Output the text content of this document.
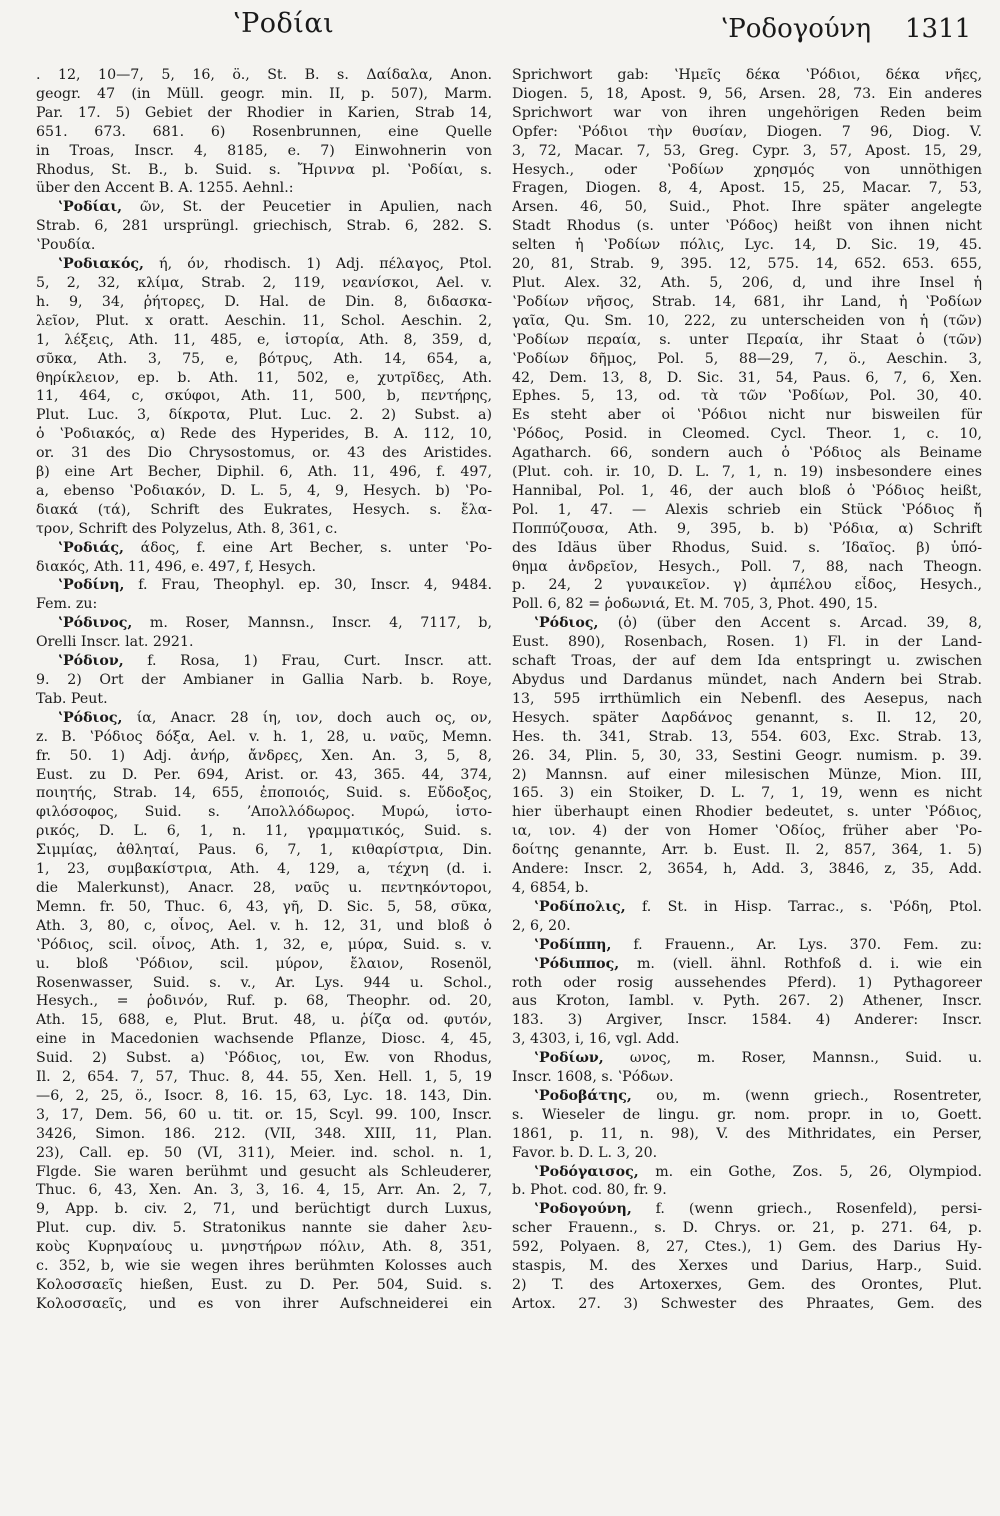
ʽΡοδίαι	ʽΡοδογούνη 1311
. 12, 10—7, 5, 16, ö., St. B. s. Δαίδαλα, Anon.
geogr. 47 (in Müll. geogr. min. II, p. 507), Marm.
Par. 17. 5) Gebiet der Rhodier in Karien, Strab 14,
651. 673. 681. 6) Rosenbrunnen, eine Quelle
in Troas, Inscr. 4, 8185, e. 7) Einwohnerin von
Rhodus, St. B., b. Suid. s. Ἤριννα pl. ʽΡοδίαι, s.
über den Accent B. A. 1255. Aehnl.:
ʽΡοδίαι, ῶν, St. der Peucetier in Apulien, nach
Strab. 6, 281 ursprüngl. griechisch, Strab. 6, 282. S.
ʽΡουδία.
ʽΡοδιακός, ή, όν, rhodisch. 1) Adj. πέλαγος, Ptol.
5, 2, 32, κλίμα, Strab. 2, 119, νεανίσκοι, Ael. v.
h. 9, 34, ῥήτορες, D. Hal. de Din. 8, διδασκα-
λεῖον, Plut. x oratt. Aeschin. 11, Schol. Aeschin. 2,
1, λέξεις, Ath. 11, 485, e, ἱστορία, Ath. 8, 359, d,
σῦκα, Ath. 3, 75, e, βότρυς, Ath. 14, 654, a,
θηρίκλειον, ep. b. Ath. 11, 502, e, χυτρῖδες, Ath.
11, 464, c, σκύφοι, Ath. 11, 500, b, πεντήρης,
Plut. Luc. 3, δίκροτα, Plut. Luc. 2. 2) Subst. a)
ὁ ʽΡοδιακός, α) Rede des Hyperides, B. A. 112, 10,
or. 31 des Dio Chrysostomus, or. 43 des Aristides.
β) eine Art Becher, Diphil. 6, Ath. 11, 496, f. 497,
a, ebenso ʽΡοδιακόν, D. L. 5, 4, 9, Hesych. b) ʽΡο-
διακά (τά), Schrift des Eukrates, Hesych. s. ἔλα-
τρον, Schrift des Polyzelus, Ath. 8, 361, c.
ʽΡοδιάς, άδος, f. eine Art Becher, s. unter ʽΡο-
διακός, Ath. 11, 496, e. 497, f, Hesych.
ʽΡοδίνη, f. Frau, Theophyl. ep. 30, Inscr. 4, 9484.
Fem. zu:
ʽΡόδινος, m. Roser, Mannsn., Inscr. 4, 7117, b,
Orelli Inscr. lat. 2921.
ʽΡόδιον, f. Rosa, 1) Frau, Curt. Inscr. att.
9. 2) Ort der Ambianer in Gallia Narb. b. Roye,
Tab. Peut.
ʽΡόδιος, ία, Anacr. 28 ίη, ιον, doch auch ος, ον,
z. B. ʽΡόδιος δόξα, Ael. v. h. 1, 28, u. ναῦς, Memn.
fr. 50. 1) Adj. ἀνήρ, ἄνδρες, Xen. An. 3, 5, 8,
Eust. zu D. Per. 694, Arist. or. 43, 365. 44, 374,
ποιητής, Strab. 14, 655, ἐποποιός, Suid. s. Εὔδοξος,
φιλόσοφος, Suid. s. ʼΑπολλόδωρος. Μυρώ, ἱστο-
ρικός, D. L. 6, 1, n. 11, γραμματικός, Suid. s.
Σιμμίας, ἀθληταί, Paus. 6, 7, 1, κιθαρίστρια, Din.
1, 23, συμβακίστρια, Ath. 4, 129, a, τέχνη (d. i.
die Malerkunst), Anacr. 28, ναῦς u. πεντηκόντοροι,
Memn. fr. 50, Thuc. 6, 43, γῆ, D. Sic. 5, 58, σῦκα,
Ath. 3, 80, c, οἶνος, Ael. v. h. 12, 31, und bloß ὁ
ʽΡόδιος, scil. οἶνος, Ath. 1, 32, e, μύρα, Suid. s. v.
u. bloß ʽΡόδιον, scil. μύρον, ἔλαιον, Rosenöl,
Rosenwasser, Suid. s. v., Ar. Lys. 944 u. Schol.,
Hesych., = ῥοδινόν, Ruf. p. 68, Theophr. od. 20,
Ath. 15, 688, e, Plut. Brut. 48, u. ῥίζα od. φυτόν,
eine in Macedonien wachsende Pflanze, Diosc. 4, 45,
Suid. 2) Subst. a) ʽΡόδιος, ιοι, Ew. von Rhodus,
Il. 2, 654. 7, 57, Thuc. 8, 44. 55, Xen. Hell. 1, 5, 19
—6, 2, 25, ö., Isocr. 8, 16. 15, 63, Lyc. 18. 143, Din.
3, 17, Dem. 56, 60 u. tit. or. 15, Scyl. 99. 100, Inscr.
3426, Simon. 186. 212. (VII, 348. XIII, 11, Plan.
23), Call. ep. 50 (VI, 311), Meier. ind. schol. n. 1,
Flgde. Sie waren berühmt und gesucht als Schleuderer,
Thuc. 6, 43, Xen. An. 3, 3, 16. 4, 15, Arr. An. 2, 7,
9, App. b. civ. 2, 71, und berüchtigt durch Luxus,
Plut. cup. div. 5. Stratonikus nannte sie daher λευ-
κοὺς Κυρηναίους u. μνηστήρων πόλιν, Ath. 8, 351,
c. 352, b, wie sie wegen ihres berühmten Kolosses auch
Κολοσσαεῖς hießen, Eust. zu D. Per. 504, Suid. s.
Κολοσσαεῖς, und es von ihrer Aufschneiderei ein
Sprichwort gab: ʽΗμεῖς δέκα ʽΡόδιοι, δέκα νῆες,
Diogen. 5, 18, Apost. 9, 56, Arsen. 28, 73. Ein anderes
Sprichwort war von ihren ungehörigen Reden beim
Opfer: ʽΡόδιοι τὴν θυσίαν, Diogen. 7 96, Diog. V.
3, 72, Macar. 7, 53, Greg. Cypr. 3, 57, Apost. 15, 29,
Hesych., oder ʽΡοδίων χρησμός von unnöthigen
Fragen, Diogen. 8, 4, Apost. 15, 25, Macar. 7, 53,
Arsen. 46, 50, Suid., Phot. Ihre später angelegte
Stadt Rhodus (s. unter ʽΡόδος) heißt von ihnen nicht
selten ἡ ʽΡοδίων πόλις, Lyc. 14, D. Sic. 19, 45.
20, 81, Strab. 9, 395. 12, 575. 14, 652. 653. 655,
Plut. Alex. 32, Ath. 5, 206, d, und ihre Insel ἡ
ʽΡοδίων νῆσος, Strab. 14, 681, ihr Land, ἡ ʽΡοδίων
γαῖα, Qu. Sm. 10, 222, zu unterscheiden von ἡ (τῶν)
ʽΡοδίων περαία, s. unter Περαία, ihr Staat ὁ (τῶν)
ʽΡοδίων δῆμος, Pol. 5, 88—29, 7, ö., Aeschin. 3,
42, Dem. 13, 8, D. Sic. 31, 54, Paus. 6, 7, 6, Xen.
Ephes. 5, 13, od. τὰ τῶν ʽΡοδίων, Pol. 30, 40.
Es steht aber οἱ ʽΡόδιοι nicht nur bisweilen für
ʽΡόδος, Posid. in Cleomed. Cycl. Theor. 1, c. 10,
Agatharch. 66, sondern auch ὁ ʽΡόδιος als Beiname
(Plut. coh. ir. 10, D. L. 7, 1, n. 19) insbesondere eines
Hannibal, Pol. 1, 46, der auch bloß ὁ ʽΡόδιος heißt,
Pol. 1, 47. — Alexis schrieb ein Stück ʽΡόδιος ἤ
Ποππύζουσα, Ath. 9, 395, b. b) ʽΡόδια, α) Schrift
des Idäus über Rhodus, Suid. s. ʼΙδαῖος. β) ὑπό-
θημα ἀνδρεῖον, Hesych., Poll. 7, 88, nach Theogn.
p. 24, 2 γυναικεῖον. γ) ἀμπέλου εἶδος, Hesych.,
Poll. 6, 82 = ῥοδωνιά, Et. M. 705, 3, Phot. 490, 15.
ʽΡόδιος, (ὁ) (über den Accent s. Arcad. 39, 8,
Eust. 890), Rosenbach, Rosen. 1) Fl. in der Land-
schaft Troas, der auf dem Ida entspringt u. zwischen
Abydus und Dardanus mündet, nach Andern bei Strab.
13, 595 irrthümlich ein Nebenfl. des Aesepus, nach
Hesych. später Δαρδάνος genannt, s. Il. 12, 20,
Hes. th. 341, Strab. 13, 554. 603, Exc. Strab. 13,
26. 34, Plin. 5, 30, 33, Sestini Geogr. numism. p. 39.
2) Mannsn. auf einer milesischen Münze, Mion. III,
165. 3) ein Stoiker, D. L. 7, 1, 19, wenn es nicht
hier überhaupt einen Rhodier bedeutet, s. unter ʽΡόδιος,
ια, ιον. 4) der von Homer ʽΟδίος, früher aber ʽΡο-
δοίτης genannte, Arr. b. Eust. Il. 2, 857, 364, 1. 5)
Andere: Inscr. 2, 3654, h, Add. 3, 3846, z, 35, Add.
4, 6854, b.
ʽΡοδίπολις, f. St. in Hisp. Tarrac., s. ʽΡόδη, Ptol.
2, 6, 20.
ʽΡοδίππη, f. Frauenn., Ar. Lys. 370. Fem. zu:
ʽΡόδιππος, m. (viell. ähnl. Rothfoß d. i. wie ein
roth oder rosig aussehendes Pferd). 1) Pythagoreer
aus Kroton, Iambl. v. Pyth. 267. 2) Athener, Inscr.
183. 3) Argiver, Inscr. 1584. 4) Anderer: Inscr.
3, 4303, i, 16, vgl. Add.
ʽΡοδίων, ωνος, m. Roser, Mannsn., Suid. u.
Inscr. 1608, s. ʽΡόδων.
ʽΡοδοβάτης, ου, m. (wenn griech., Rosentreter,
s. Wieseler de lingu. gr. nom. propr. in ιο, Goett.
1861, p. 11, n. 98), V. des Mithridates, ein Perser,
Favor. b. D. L. 3, 20.
ʽΡοδόγαισος, m. ein Gothe, Zos. 5, 26, Olympiod.
b. Phot. cod. 80, fr. 9.
ʽΡοδογούνη, f. (wenn griech., Rosenfeld), persi-
scher Frauenn., s. D. Chrys. or. 21, p. 271. 64, p.
592, Polyaen. 8, 27, Ctes.), 1) Gem. des Darius Hy-
staspis, M. des Xerxes und Darius, Harp., Suid.
2) T. des Artoxerxes, Gem. des Orontes, Plut.
Artox. 27. 3) Schwester des Phraates, Gem. des
